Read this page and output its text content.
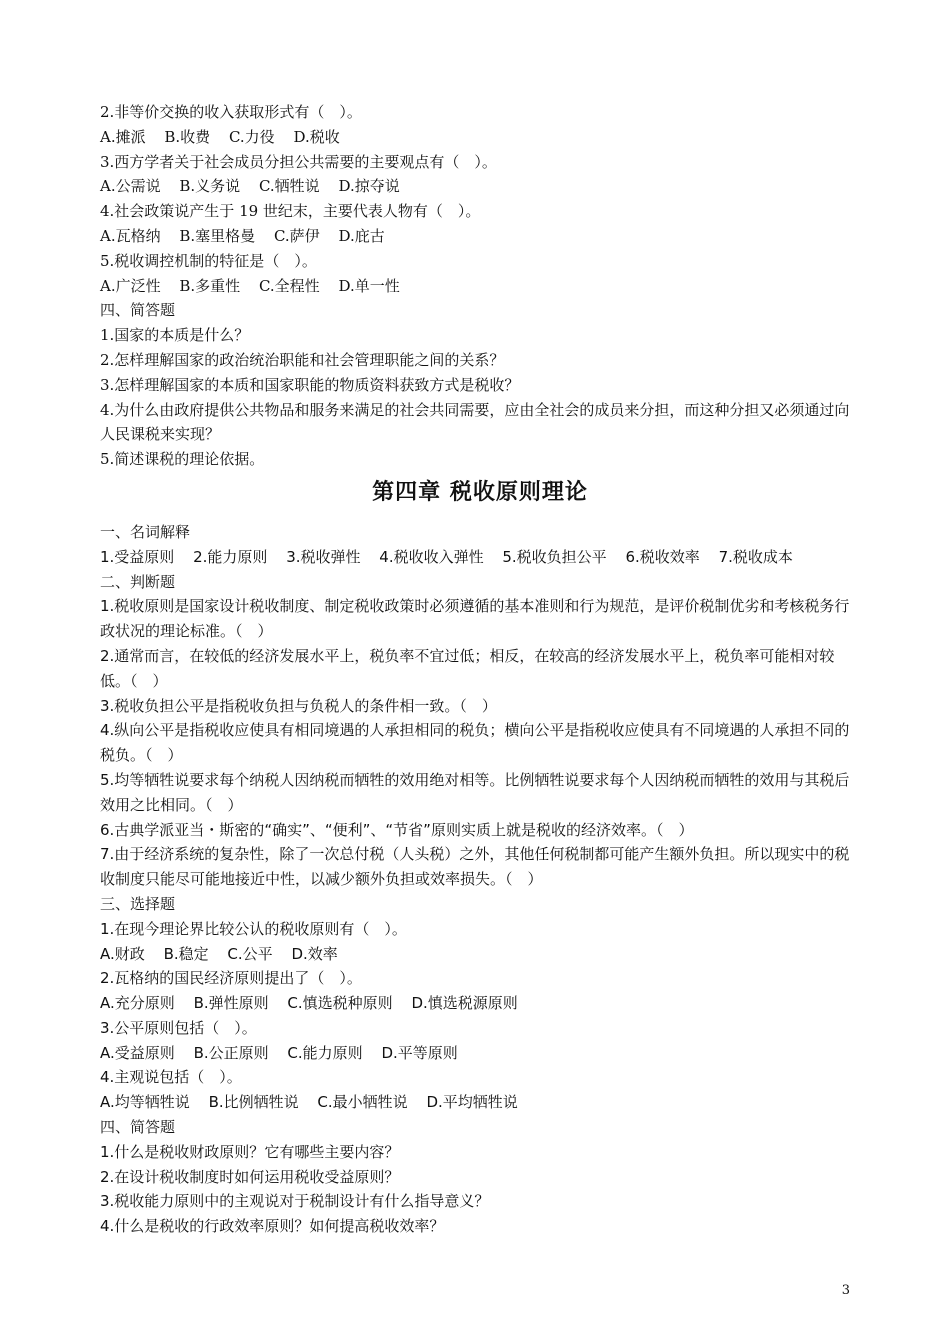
2.非等价交换的收入获取形式有（　）。
A.摊派 B.收费 C.力役 D.税收
3.西方学者关于社会成员分担公共需要的主要观点有（　）。
A.公需说 B.义务说 C.牺牲说 D.掠夺说
4.社会政策说产生于 19 世纪末，主要代表人物有（　）。
A.瓦格纳 B.塞里格曼 C.萨伊 D.庇古
5.税收调控机制的特征是（　）。
A.广泛性 B.多重性 C.全程性 D.单一性
四、简答题
1.国家的本质是什么？
2.怎样理解国家的政治统治职能和社会管理职能之间的关系？
3.怎样理解国家的本质和国家职能的物质资料获致方式是税收？
4.为什么由政府提供公共物品和服务来满足的社会共同需要，应由全社会的成员来分担，而这种分担又必须通过向人民课税来实现？
5.简述课税的理论依据。
第四章 税收原则理论
一、名词解释
1.受益原则 2.能力原则 3.税收弹性 4.税收收入弹性 5.税收负担公平 6.税收效率 7.税收成本
二、判断题
1.税收原则是国家设计税收制度、制定税收政策时必须遵循的基本准则和行为规范，是评价税制优劣和考核税务行政状况的理论标准。（　）
2.通常而言，在较低的经济发展水平上，税负率不宜过低；相反，在较高的经济发展水平上，税负率可能相对较低。（　）
3.税收负担公平是指税收负担与负税人的条件相一致。（　）
4.纵向公平是指税收应使具有相同境遇的人承担相同的税负；横向公平是指税收应使具有不同境遇的人承担不同的税负。（　）
5.均等牺牲说要求每个纳税人因纳税而牺牲的效用绝对相等。比例牺牲说要求每个人因纳税而牺牲的效用与其税后效用之比相同。（　）
6.古典学派亚当・斯密的“确实”、“便利”、“节省”原则实质上就是税收的经济效率。（　）
7.由于经济系统的复杂性，除了一次总付税（人头税）之外，其他任何税制都可能产生额外负担。所以现实中的税收制度只能尽可能地接近中性，以减少额外负担或效率损失。（　）
三、选择题
1.在现今理论界比较公认的税收原则有（　）。
A.财政 B.稳定 C.公平 D.效率
2.瓦格纳的国民经济原则提出了（　）。
A.充分原则 B.弹性原则 C.慎选税种原则 D.慎选税源原则
3.公平原则包括（　）。
A.受益原则 B.公正原则 C.能力原则 D.平等原则
4.主观说包括（　）。
A.均等牺牲说 B.比例牺牲说 C.最小牺牲说 D.平均牺牲说
四、简答题
1.什么是税收财政原则？它有哪些主要内容？
2.在设计税收制度时如何运用税收受益原则？
3.税收能力原则中的主观说对于税制设计有什么指导意义？
4.什么是税收的行政效率原则？如何提高税收效率？
3
